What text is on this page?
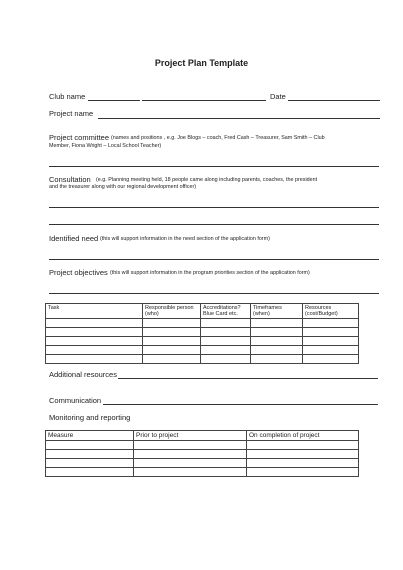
Project Plan Template
Club name	Date
Project name
Project committee (names and positions , e.g. Joe Blogs – coach, Fred Cash – Treasurer, Sam Smith – Club
Member, Fiona Wright – Local School Teacher)
Consultation (e.g. Planning meeting held, 18 people came along including parents, coaches, the president
and the treasurer along with our regional development officer)
Identified need (this will support information in the need section of the application form)
Project objectives (this will support information in the program priorities section of the application form)
Task	Responsible person (who)	Accreditations? Blue Card etc.	Timeframes (when)	Resources (cost/Budget)

Additional resources
Communication
Monitoring and reporting
Measure	Prior to project	On completion of project
